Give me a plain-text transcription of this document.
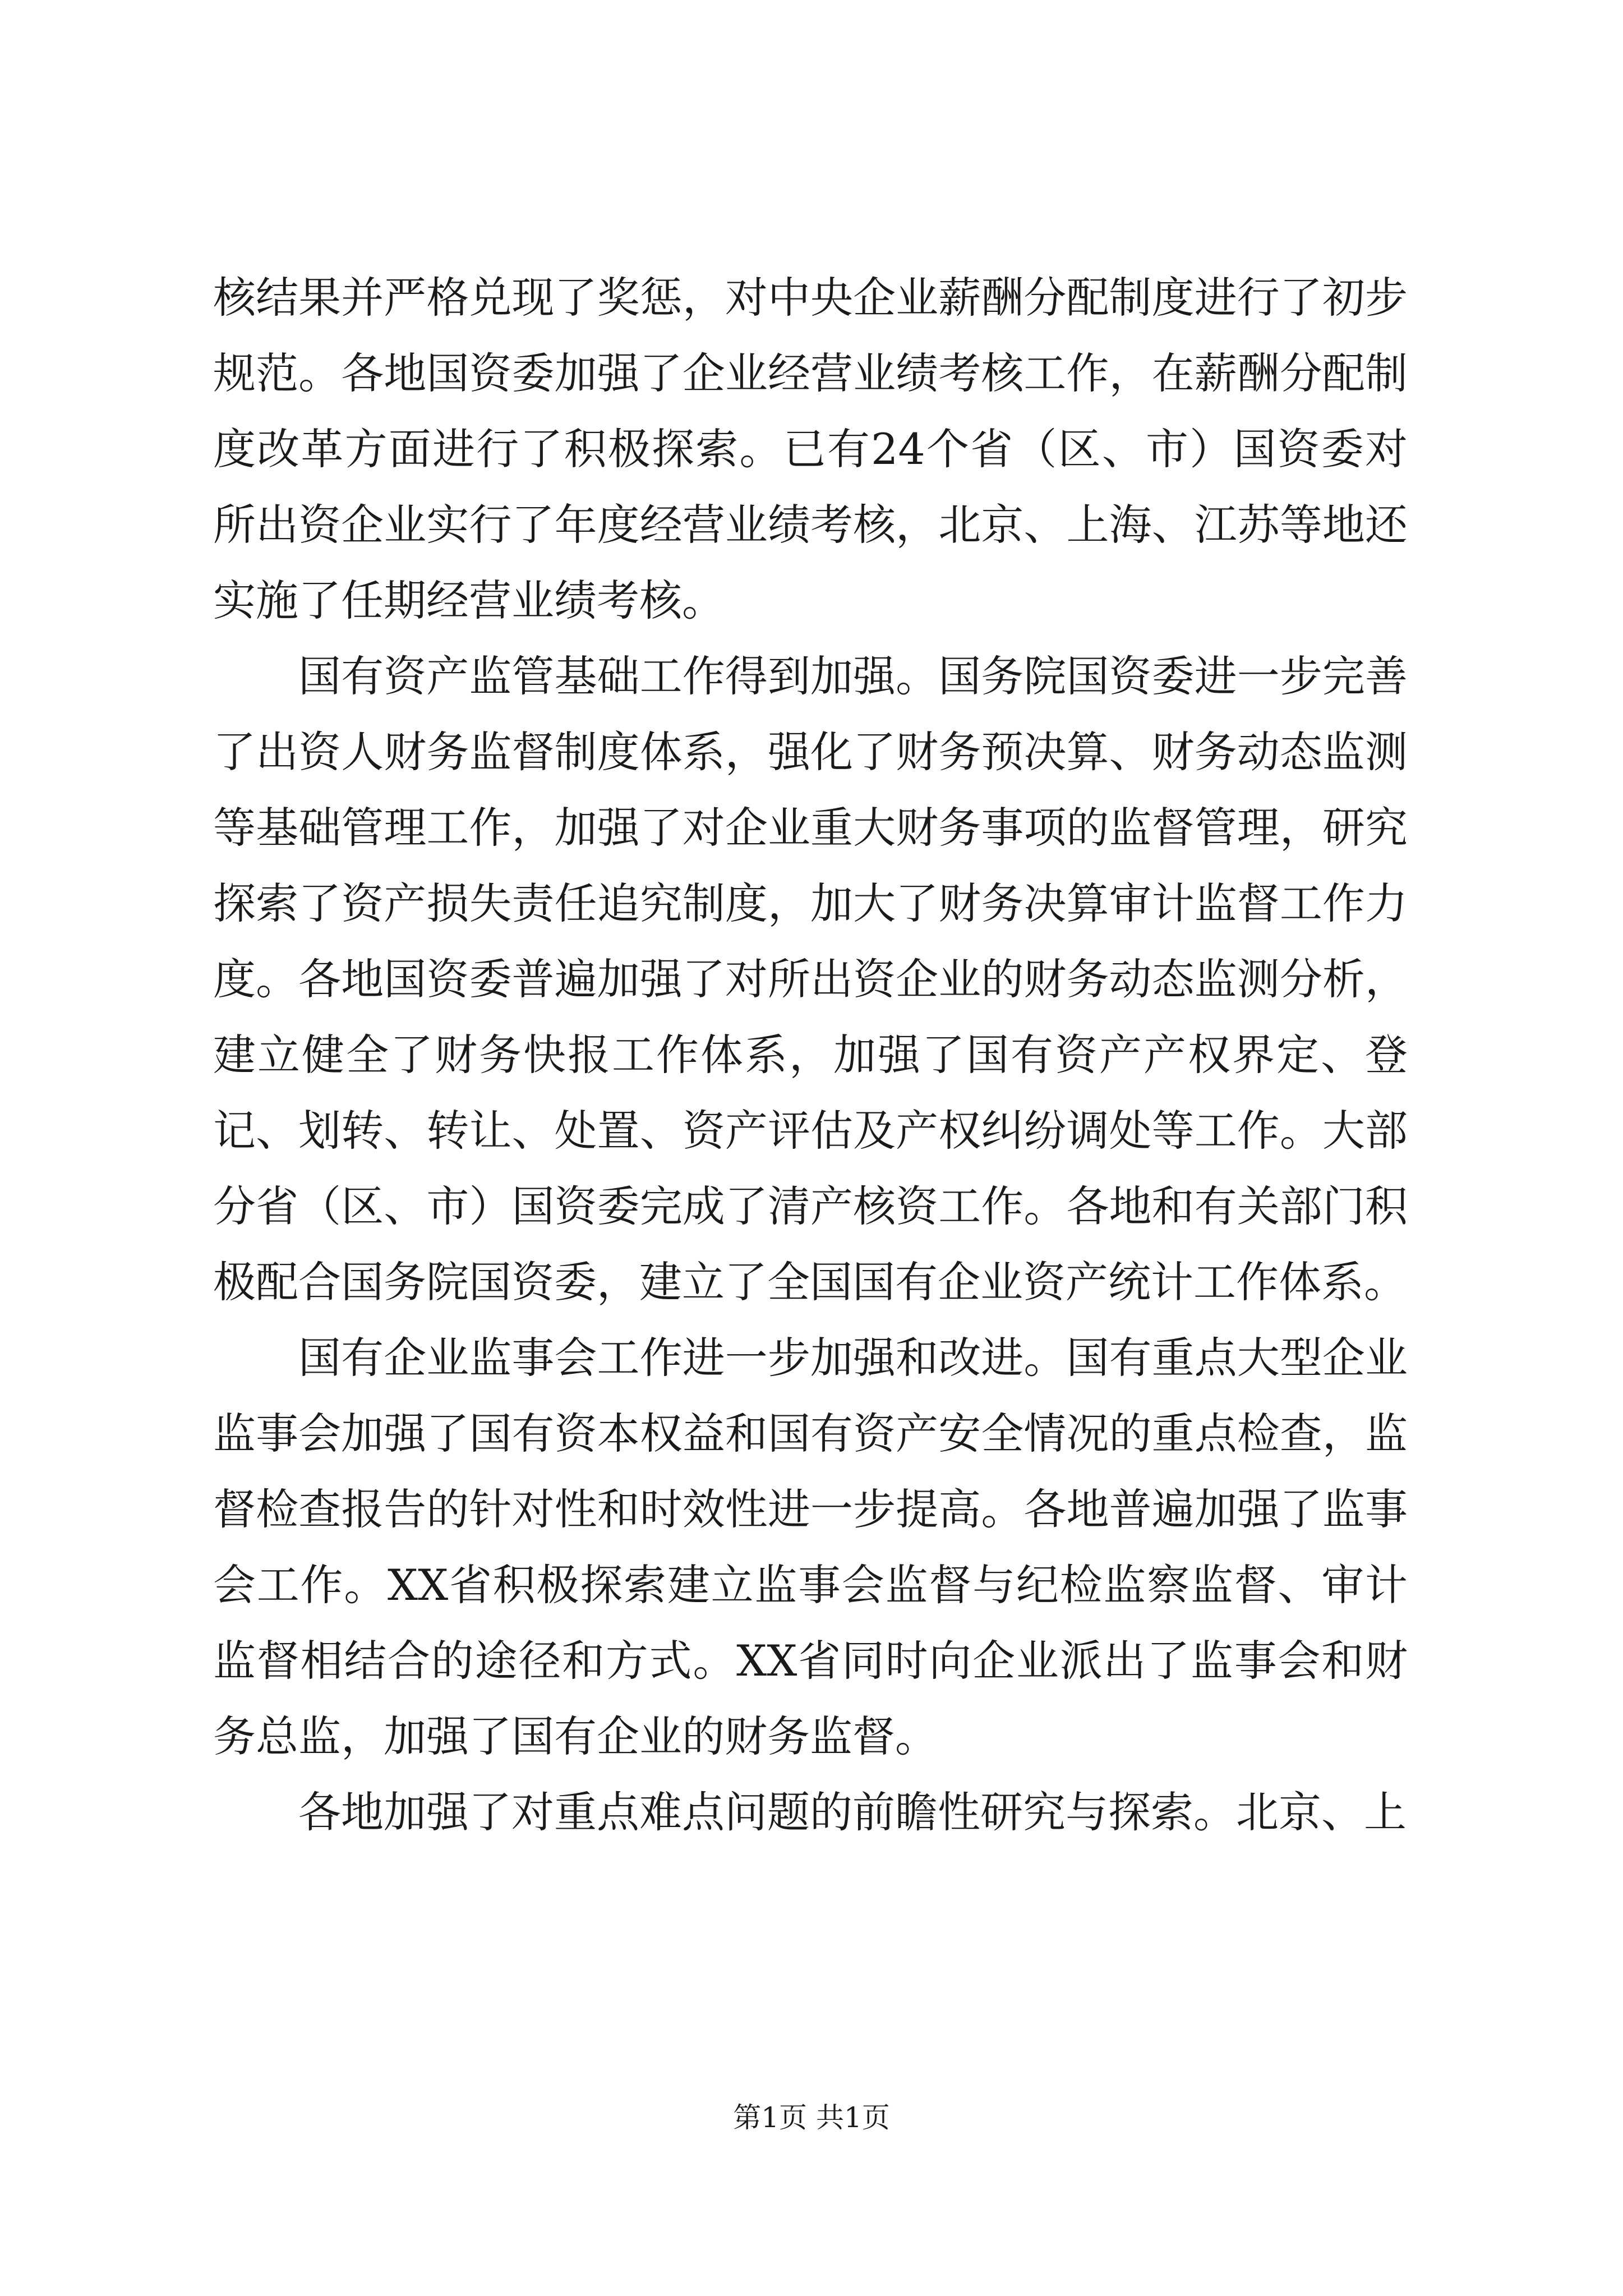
核结果并严格兑现了奖惩，对中央企业薪酬分配制度进行了初步规范。各地国资委加强了企业经营业绩考核工作，在薪酬分配制度改革方面进行了积极探索。已有24个省（区、市）国资委对所出资企业实行了年度经营业绩考核，北京、上海、江苏等地还实施了任期经营业绩考核。

国有资产监管基础工作得到加强。国务院国资委进一步完善了出资人财务监督制度体系，强化了财务预决算、财务动态监测等基础管理工作，加强了对企业重大财务事项的监督管理，研究探索了资产损失责任追究制度，加大了财务决算审计监督工作力度。各地国资委普遍加强了对所出资企业的财务动态监测分析，建立健全了财务快报工作体系，加强了国有资产产权界定、登记、划转、转让、处置、资产评估及产权纠纷调处等工作。大部分省（区、市）国资委完成了清产核资工作。各地和有关部门积极配合国务院国资委，建立了全国国有企业资产统计工作体系。

国有企业监事会工作进一步加强和改进。国有重点大型企业监事会加强了国有资本权益和国有资产安全情况的重点检查，监督检查报告的针对性和时效性进一步提高。各地普遍加强了监事会工作。XX省积极探索建立监事会监督与纪检监察监督、审计监督相结合的途径和方式。XX省同时向企业派出了监事会和财务总监，加强了国有企业的财务监督。

各地加强了对重点难点问题的前瞻性研究与探索。北京、上

第1页 共1页
